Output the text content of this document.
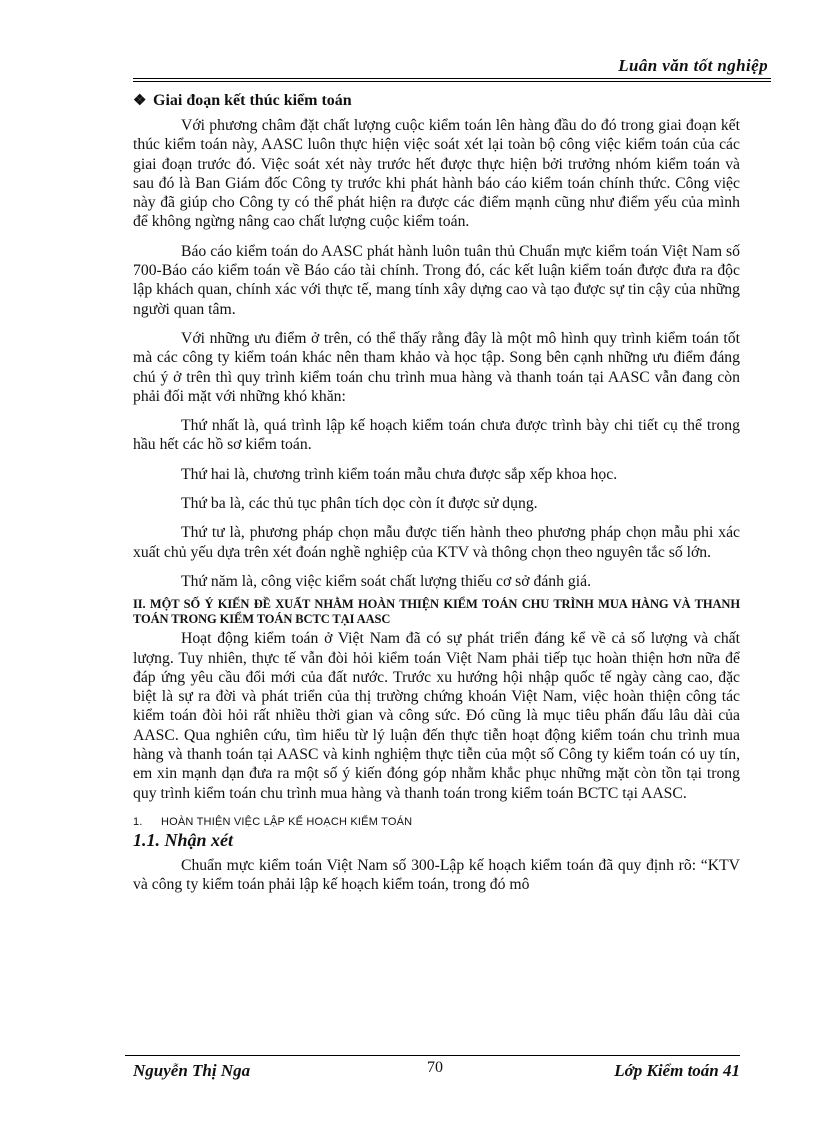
Luân văn tốt nghiệp
❖ Giai đoạn kết thúc kiểm toán

Với phương châm đặt chất lượng cuộc kiểm toán lên hàng đầu do đó trong giai đoạn kết thúc kiểm toán này, AASC luôn thực hiện việc soát xét lại toàn bộ công việc kiểm toán của các giai đoạn trước đó. Việc soát xét này trước hết được thực hiện bởi trưởng nhóm kiểm toán và sau đó là Ban Giám đốc Công ty trước khi phát hành báo cáo kiểm toán chính thức. Công việc này đã giúp cho Công ty có thể phát hiện ra được các điểm mạnh cũng như điểm yếu của mình để không ngừng nâng cao chất lượng cuộc kiểm toán.

Báo cáo kiểm toán do AASC phát hành luôn tuân thủ Chuẩn mực kiểm toán Việt Nam số 700-Báo cáo kiểm toán về Báo cáo tài chính. Trong đó, các kết luận kiểm toán được đưa ra độc lập khách quan, chính xác với thực tế, mang tính xây dựng cao và tạo được sự tin cậy của những người quan tâm.

Với những ưu điểm ở trên, có thể thấy rằng đây là một mô hình quy trình kiểm toán tốt mà các công ty kiểm toán khác nên tham khảo và học tập. Song bên cạnh những ưu điểm đáng chú ý ở trên thì quy trình kiểm toán chu trình mua hàng và thanh toán tại AASC vẫn đang còn phải đối mặt với những khó khăn:

Thứ nhất là, quá trình lập kế hoạch kiểm toán chưa được trình bày chi tiết cụ thể trong hầu hết các hồ sơ kiểm toán.

Thứ hai là, chương trình kiểm toán mẫu chưa được sắp xếp khoa học.

Thứ ba là, các thủ tục phân tích dọc còn ít được sử dụng.

Thứ tư là, phương pháp chọn mẫu được tiến hành theo phương pháp chọn mẫu phi xác xuất chủ yếu dựa trên xét đoán nghề nghiệp của KTV và thông chọn theo nguyên tắc số lớn.

Thứ năm là, công việc kiểm soát chất lượng thiếu cơ sở đánh giá.

II. MỘT SỐ Ý KIẾN ĐỀ XUẤT NHẰM HOÀN THIỆN KIỂM TOÁN CHU TRÌNH MUA HÀNG VÀ THANH TOÁN TRONG KIỂM TOÁN BCTC TẠI AASC

Hoạt động kiểm toán ở Việt Nam đã có sự phát triển đáng kể về cả số lượng và chất lượng. Tuy nhiên, thực tế vẫn đòi hỏi kiểm toán Việt Nam phải tiếp tục hoàn thiện hơn nữa để đáp ứng yêu cầu đổi mới của đất nước. Trước xu hướng hội nhập quốc tế ngày càng cao, đặc biệt là sự ra đời và phát triển của thị trường chứng khoán Việt Nam, việc hoàn thiện công tác kiểm toán đòi hỏi rất nhiều thời gian và công sức. Đó cũng là mục tiêu phấn đấu lâu dài của AASC. Qua nghiên cứu, tìm hiểu từ lý luận đến thực tiễn hoạt động kiểm toán chu trình mua hàng và thanh toán tại AASC và kinh nghiệm thực tiễn của một số Công ty kiểm toán có uy tín, em xin mạnh dạn đưa ra một số ý kiến đóng góp nhằm khắc phục những mặt còn tồn tại trong quy trình kiểm toán chu trình mua hàng và thanh toán trong kiểm toán BCTC tại AASC.

1. HOÀN THIỆN VIỆC LẬP KẾ HOẠCH KIỂM TOÁN
1.1. Nhận xét

Chuẩn mực kiểm toán Việt Nam số 300-Lập kế hoạch kiểm toán đã quy định rõ: “KTV và công ty kiểm toán phải lập kế hoạch kiểm toán, trong đó mô

Nguyễn Thị Nga	70	Lớp Kiểm toán 41
